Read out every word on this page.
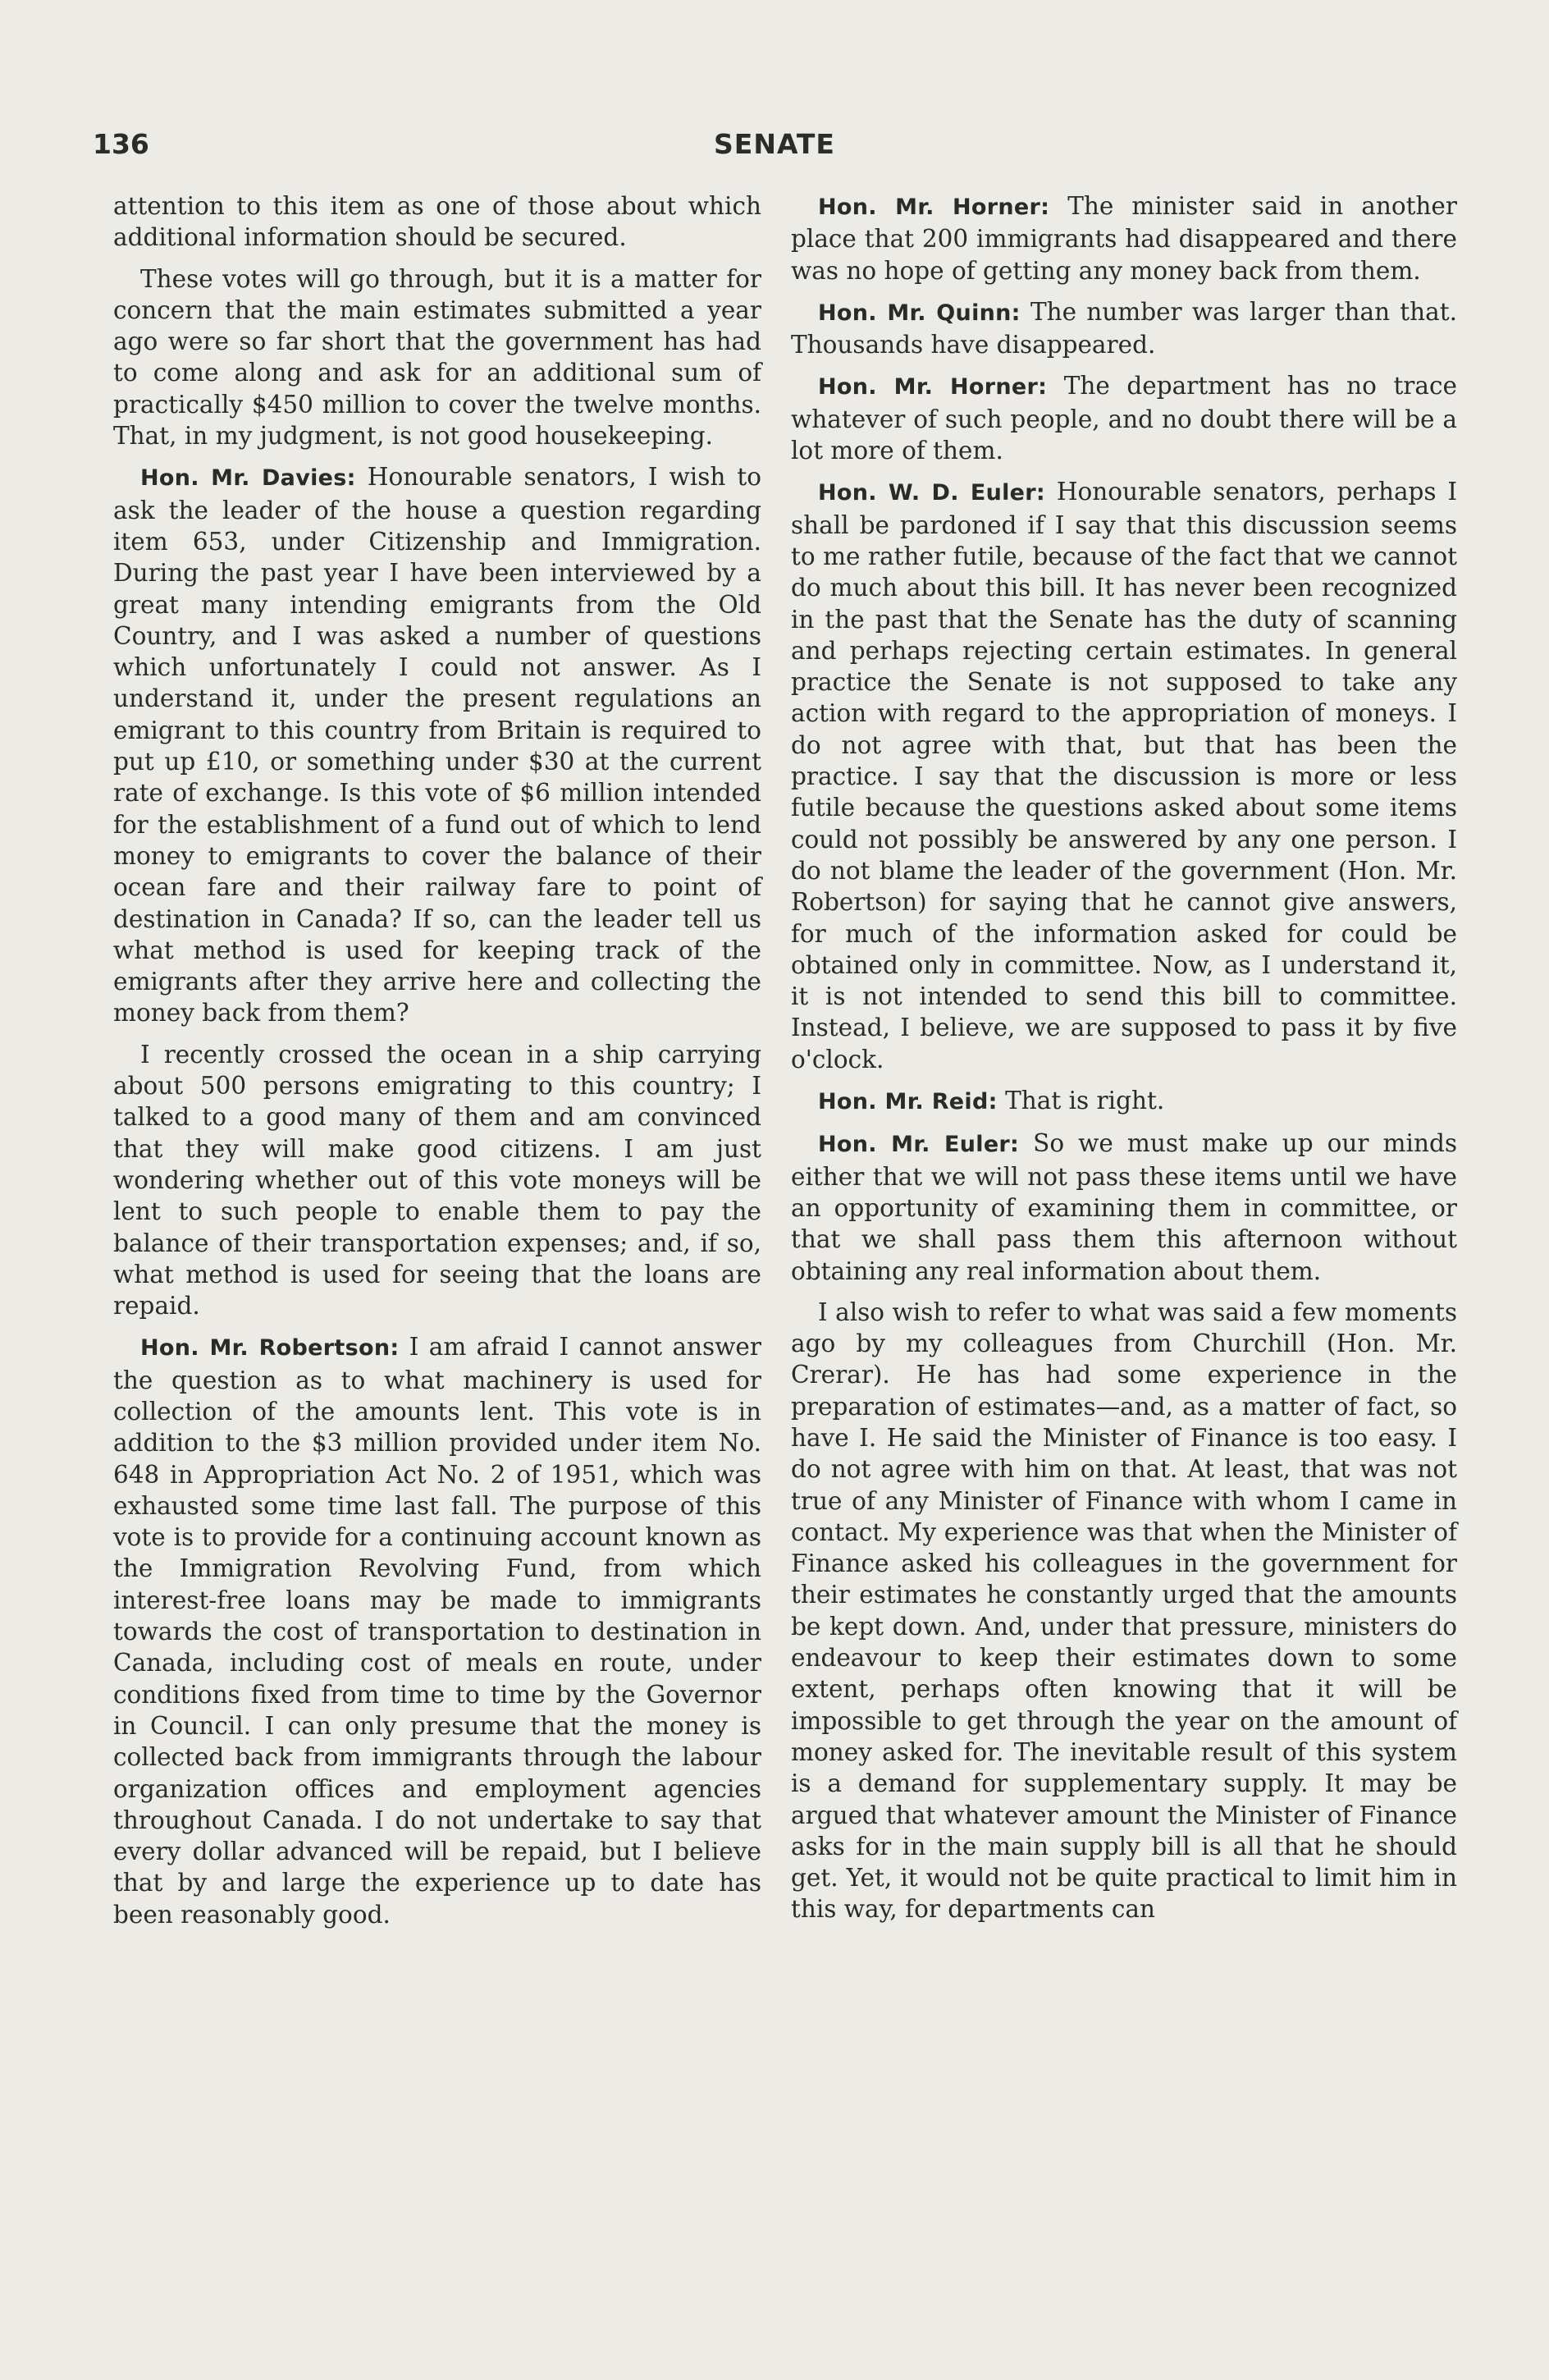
136	SENATE

attention to this item as one of those about which additional information should be secured.

These votes will go through, but it is a matter for concern that the main estimates submitted a year ago were so far short that the government has had to come along and ask for an additional sum of practically $450 million to cover the twelve months. That, in my judgment, is not good housekeeping.

Hon. Mr. Davies: Honourable senators, I wish to ask the leader of the house a question regarding item 653, under Citizenship and Immigration. During the past year I have been interviewed by a great many intending emigrants from the Old Country, and I was asked a number of questions which unfortunately I could not answer. As I understand it, under the present regulations an emigrant to this country from Britain is required to put up £10, or something under $30 at the current rate of exchange. Is this vote of $6 million intended for the establishment of a fund out of which to lend money to emigrants to cover the balance of their ocean fare and their railway fare to point of destination in Canada? If so, can the leader tell us what method is used for keeping track of the emigrants after they arrive here and collecting the money back from them?

I recently crossed the ocean in a ship carrying about 500 persons emigrating to this country; I talked to a good many of them and am convinced that they will make good citizens. I am just wondering whether out of this vote moneys will be lent to such people to enable them to pay the balance of their transportation expenses; and, if so, what method is used for seeing that the loans are repaid.

Hon. Mr. Robertson: I am afraid I cannot answer the question as to what machinery is used for collection of the amounts lent. This vote is in addition to the $3 million provided under item No. 648 in Appropriation Act No. 2 of 1951, which was exhausted some time last fall. The purpose of this vote is to provide for a continuing account known as the Immigration Revolving Fund, from which interest-free loans may be made to immigrants towards the cost of transportation to destination in Canada, including cost of meals en route, under conditions fixed from time to time by the Governor in Council. I can only presume that the money is collected back from immigrants through the labour organization offices and employment agencies throughout Canada. I do not undertake to say that every dollar advanced will be repaid, but I believe that by and large the experience up to date has been reasonably good.

Hon. Mr. Horner: The minister said in another place that 200 immigrants had disappeared and there was no hope of getting any money back from them.

Hon. Mr. Quinn: The number was larger than that. Thousands have disappeared.

Hon. Mr. Horner: The department has no trace whatever of such people, and no doubt there will be a lot more of them.

Hon. W. D. Euler: Honourable senators, perhaps I shall be pardoned if I say that this discussion seems to me rather futile, because of the fact that we cannot do much about this bill. It has never been recognized in the past that the Senate has the duty of scanning and perhaps rejecting certain estimates. In general practice the Senate is not supposed to take any action with regard to the appropriation of moneys. I do not agree with that, but that has been the practice. I say that the discussion is more or less futile because the questions asked about some items could not possibly be answered by any one person. I do not blame the leader of the government (Hon. Mr. Robertson) for saying that he cannot give answers, for much of the information asked for could be obtained only in committee. Now, as I understand it, it is not intended to send this bill to committee. Instead, I believe, we are supposed to pass it by five o'clock.

Hon. Mr. Reid: That is right.

Hon. Mr. Euler: So we must make up our minds either that we will not pass these items until we have an opportunity of examining them in committee, or that we shall pass them this afternoon without obtaining any real information about them.

I also wish to refer to what was said a few moments ago by my colleagues from Churchill (Hon. Mr. Crerar). He has had some experience in the preparation of estimates—and, as a matter of fact, so have I. He said the Minister of Finance is too easy. I do not agree with him on that. At least, that was not true of any Minister of Finance with whom I came in contact. My experience was that when the Minister of Finance asked his colleagues in the government for their estimates he constantly urged that the amounts be kept down. And, under that pressure, ministers do endeavour to keep their estimates down to some extent, perhaps often knowing that it will be impossible to get through the year on the amount of money asked for. The inevitable result of this system is a demand for supplementary supply. It may be argued that whatever amount the Minister of Finance asks for in the main supply bill is all that he should get. Yet, it would not be quite practical to limit him in this way, for departments can
